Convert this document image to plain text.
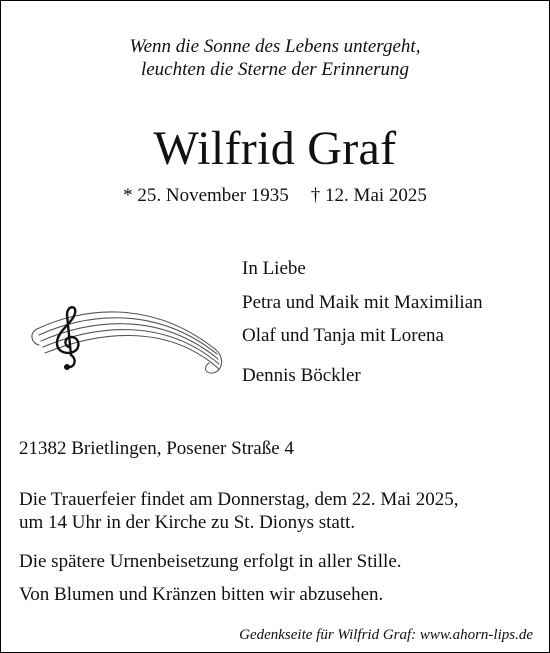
Wenn die Sonne des Lebens untergeht,
leuchten die Sterne der Erinnerung
Wilfrid Graf
* 25. November 1935 † 12. Mai 2025
In Liebe
Petra und Maik mit Maximilian
Olaf und Tanja mit Lorena
Dennis Böckler
21382 Brietlingen, Posener Straße 4
Die Trauerfeier findet am Donnerstag, dem 22. Mai 2025,
um 14 Uhr in der Kirche zu St. Dionys statt.
Die spätere Urnenbeisetzung erfolgt in aller Stille.
Von Blumen und Kränzen bitten wir abzusehen.
Gedenkseite für Wilfrid Graf: www.ahorn-lips.de
